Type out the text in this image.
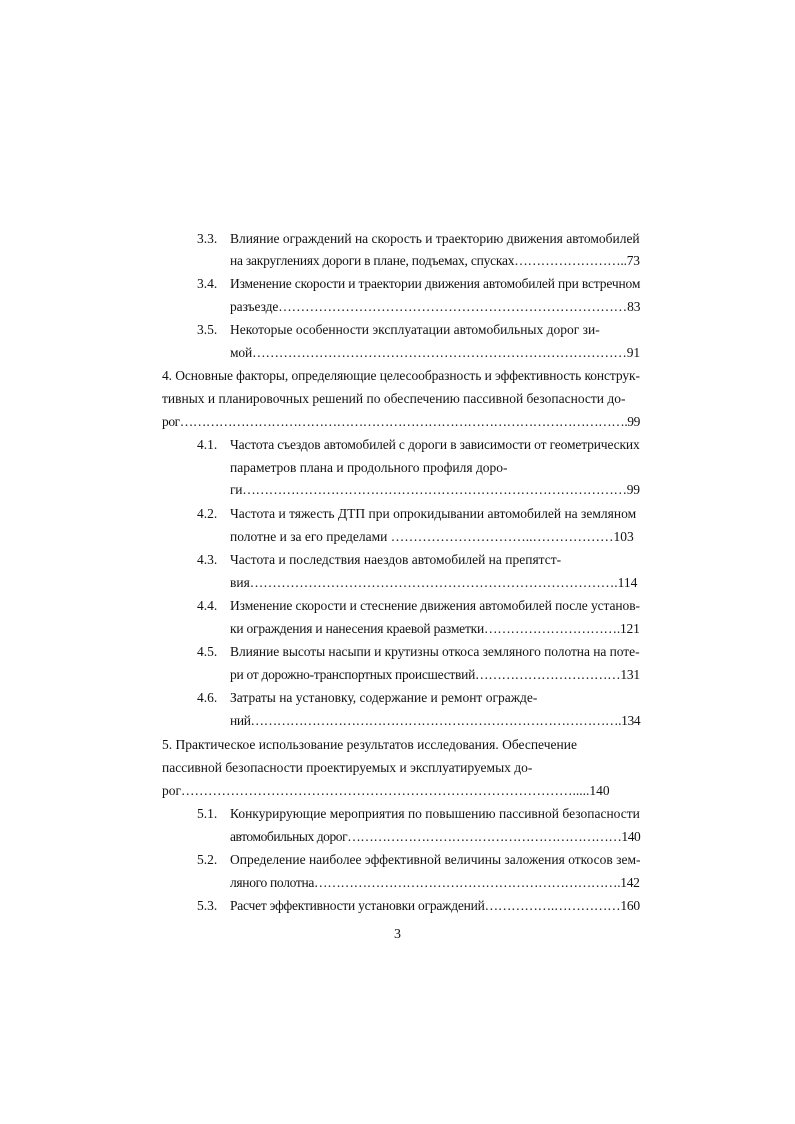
3.3. Влияние ограждений на скорость и траекторию движения автомобилей
на закруглениях дороги в плане, подъемах, спусках……………………..73
3.4. Изменение скорости и траектории движения автомобилей при встречном
разъезде……………………………………………………………………83
3.5. Некоторые особенности эксплуатации автомобильных дорог зи-
мой…………………………………………………………………………91
4. Основные факторы, определяющие целесообразность и эффективность конструк-
тивных и планировочных решений по обеспечению пассивной безопасности до-
рог………………………………………………………………………………………….99
4.1. Частота съездов автомобилей с дороги в зависимости от геометрических
параметров плана и продольного профиля доро-
ги……………………………………………………………………………99
4.2. Частота и тяжесть ДТП при опрокидывании автомобилей на земляном
полотне и за его пределами …………………………..………………103
4.3. Частота и последствия наездов автомобилей на препятст-
вия……………………………………………………………………….114
4.4. Изменение скорости и стеснение движения автомобилей после установ-
ки ограждения и нанесения краевой разметки………………………….121
4.5. Влияние высоты насыпи и крутизны откоса земляного полотна на поте-
ри от дорожно-транспортных происшествий……………………………131
4.6. Затраты на установку, содержание и ремонт огражде-
ний………………………………………………………………………….134
5. Практическое использование результатов исследования. Обеспечение
пассивной безопасности проектируемых и эксплуатируемых до-
рог…………………………………………………………………………….....140
5.1. Конкурирующие мероприятия по повышению пассивной безопасности
автомобильных дорог………………………………………………………140
5.2. Определение наиболее эффективной величины заложения откосов зем-
ляного полотна…………………………………………………………….142
5.3. Расчет эффективности установки ограждений…………….……………160
3
